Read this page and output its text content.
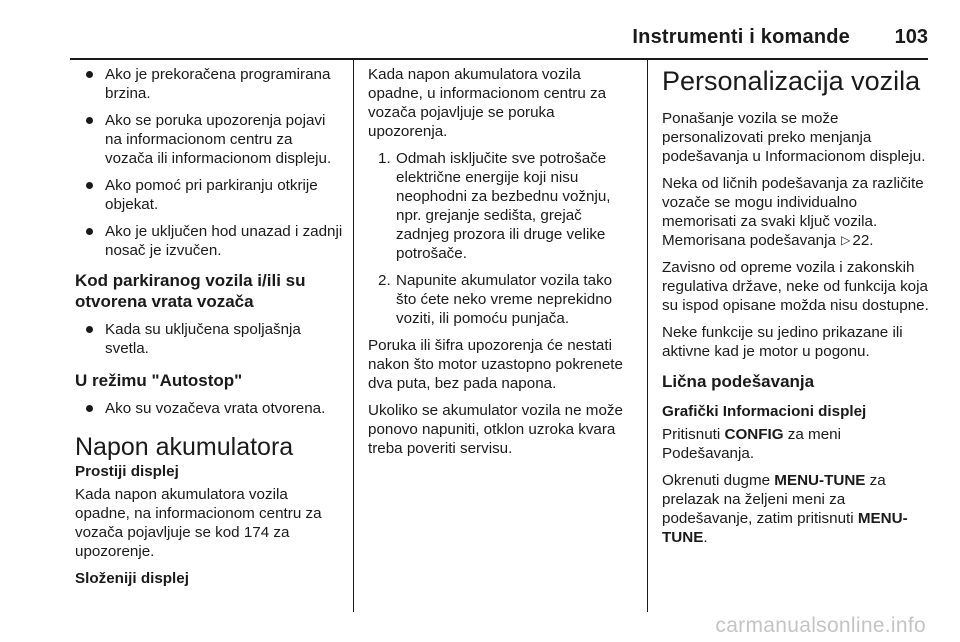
Instrumenti i komande 103
Ako je prekoračena programirana brzina.
Ako se poruka upozorenja pojavi na informacionom centru za vozača ili informacionom displeju.
Ako pomoć pri parkiranju otkrije objekat.
Ako je uključen hod unazad i zadnji nosač je izvučen.
Kod parkiranog vozila i/ili su otvorena vrata vozača
Kada su uključena spoljašnja svetla.
U režimu "Autostop"
Ako su vozačeva vrata otvorena.
Napon akumulatora
Prostiji displej

Kada napon akumulatora vozila opadne, na informacionom centru za vozača pojavljuje se kod 174 za upozorenje.

Složeniji displej

Kada napon akumulatora vozila opadne, u informacionom centru za vozača pojavljuje se poruka upozorenja.

1. Odmah isključite sve potrošače električne energije koji nisu neophodni za bezbednu vožnju, npr. grejanje sedišta, grejač zadnjeg prozora ili druge velike potrošače.
2. Napunite akumulator vozila tako što ćete neko vreme neprekidno voziti, ili pomoću punjača.

Poruka ili šifra upozorenja će nestati nakon što motor uzastopno pokrenete dva puta, bez pada napona.

Ukoliko se akumulator vozila ne može ponovo napuniti, otklon uzroka kvara treba poveriti servisu.

Personalizacija vozila

Ponašanje vozila se može personalizovati preko menjanja podešavanja u Informacionom displeju.

Neka od ličnih podešavanja za različite vozače se mogu individualno memorisati za svaki ključ vozila. Memorisana podešavanja ▷ 22.

Zavisno od opreme vozila i zakonskih regulativa države, neke od funkcija koja su ispod opisane možda nisu dostupne.

Neke funkcije su jedino prikazane ili aktivne kad je motor u pogonu.

Lična podešavanja
Grafički Informacioni displej

Pritisnuti CONFIG za meni Podešavanja.

Okrenuti dugme MENU-TUNE za prelazak na željeni meni za podešavanje, zatim pritisnuti MENU-TUNE.

carmanualsonline.info
